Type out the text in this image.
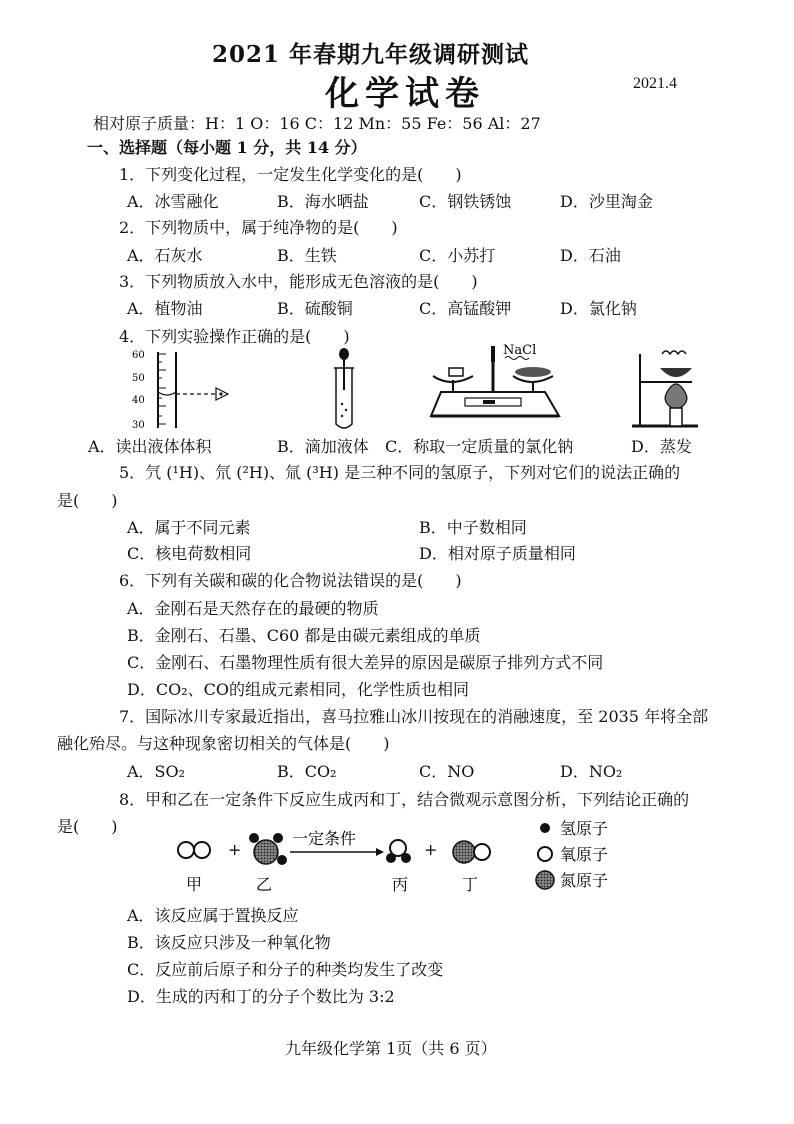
2021 年春期九年级调研测试
化学试卷	2021.4
相对原子质量：H：1 O：16 C：12 Mn：55 Fe：56 Al：27
一、选择题（每小题 1 分，共 14 分）
1．下列变化过程，一定发生化学变化的是(　　)
A．冰雪融化	B．海水晒盐	C．钢铁锈蚀	D．沙里淘金
2．下列物质中，属于纯净物的是(　　)
A．石灰水	B．生铁	C．小苏打	D．石油
3．下列物质放入水中，能形成无色溶液的是(　　)
A．植物油	B．硫酸铜	C．高锰酸钾	D．氯化钠
4．下列实验操作正确的是(　　)
60
50
40
30
NaCl
A．读出液体体积	B．滴加液体 C．称取一定质量的氯化钠	D．蒸发
5．氕 (¹H)、氘 (²H)、氚 (³H) 是三种不同的氢原子，下列对它们的说法正确的
是(　　)
A．属于不同元素	B．中子数相同
C．核电荷数相同	D．相对原子质量相同
6．下列有关碳和碳的化合物说法错误的是(　　)
A．金刚石是天然存在的最硬的物质
B．金刚石、石墨、C60 都是由碳元素组成的单质
C．金刚石、石墨物理性质有很大差异的原因是碳原子排列方式不同
D．CO₂、CO的组成元素相同，化学性质也相同
7．国际冰川专家最近指出，喜马拉雅山冰川按现在的消融速度，至 2035 年将全部
融化殆尽。与这种现象密切相关的气体是(　　)
A．SO₂	B．CO₂	C．NO	D．NO₂
8．甲和乙在一定条件下反应生成丙和丁，结合微观示意图分析，下列结论正确的
是(　　)
+
一定条件
+
甲	乙	丙	丁
氢原子
氧原子
氮原子
A．该反应属于置换反应
B．该反应只涉及一种氧化物
C．反应前后原子和分子的种类均发生了改变
D．生成的丙和丁的分子个数比为 3:2
九年级化学第 1页（共 6 页）
